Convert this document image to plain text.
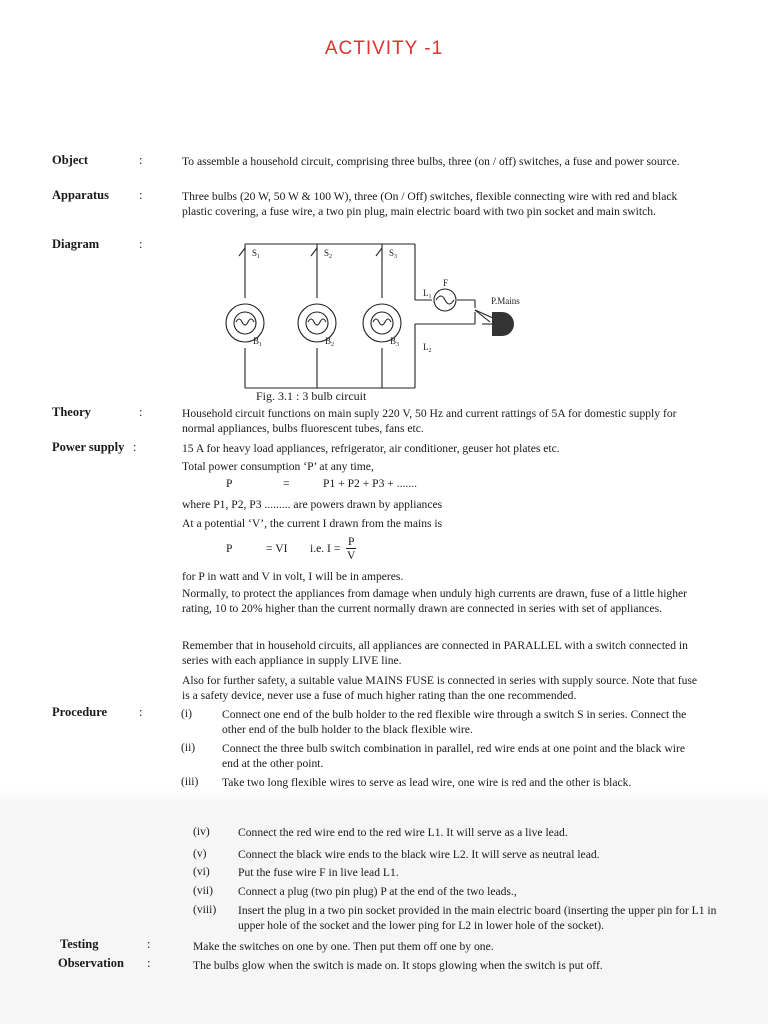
ACTIVITY -1
Object	:	To assemble a household circuit, comprising three bulbs, three (on / off) switches, a fuse and power source.
Apparatus :	Three bulbs (20 W, 50 W & 100 W), three (On / Off) switches, flexible connecting wire with red and black plastic covering, a fuse wire, a two pin plug, main electric board with two pin socket and main switch.
Diagram	:
$S_1$	$S_2$	$S_3$
$B_1$	$B_2$	$B_3$
F
$L_1$
$L_2$
P.Mains
Fig. 3.1 : 3 bulb circuit
Theory	:	Household circuit functions on main suply 220 V, 50 Hz and current rattings of 5A for domestic supply for normal appliances, bulbs fluorescent tubes, fans etc.
Power supply :	15 A for heavy load appliances, refrigerator, air conditioner, geuser hot plates etc.
Total power consumption ‘P’ at any time,
P	=	P1 + P2 + P3 + .......
where P1, P2, P3 ......... are powers drawn by appliances
At a potential ‘V’, the current I drawn from the mains is
P	= VI i.e. $I = \frac{P}{V}$
for P in watt and V in volt, I will be in amperes.
Normally, to protect the appliances from damage when unduly high currents are drawn, fuse of a little higher rating, 10 to 20% higher than the current normally drawn are connected in series with set of appliances.
Remember that in household circuits, all appliances are connected in PARALLEL with a switch connected in series with each appliance in supply LIVE line.
Also for further safety, a suitable value MAINS FUSE is connected in series with supply source. Note that fuse is a safety device, never use a fuse of much higher rating than the one recommended.
Procedure	:	(i)	Connect one end of the bulb holder to the red flexible wire through a switch S in series. Connect the other end of the bulb holder to the black flexible wire.
(ii) Connect the three bulb switch combination in parallel, red wire ends at one point and the black wire end at the other point.
(iii) Take two long flexible wires to serve as lead wire, one wire is red and the other is black.
(iv) Connect the red wire end to the red wire L1. It will serve as a live lead.
(v)	Connect the black wire ends to the black wire L2. It will serve as neutral lead.
(vi) Put the fuse wire F in live lead L1.
(vii) Connect a plug (two pin plug) P at the end of the two leads.,
(viii) Insert the plug in a two pin socket provided in the main electric board (inserting the upper pin for L1 in upper hole of the socket and the lower ping for L2 in lower hole of the socket).
Testing	:	Make the switches on one by one. Then put them off one by one.
Observation :	The bulbs glow when the switch is made on. It stops glowing when the switch is put off.
